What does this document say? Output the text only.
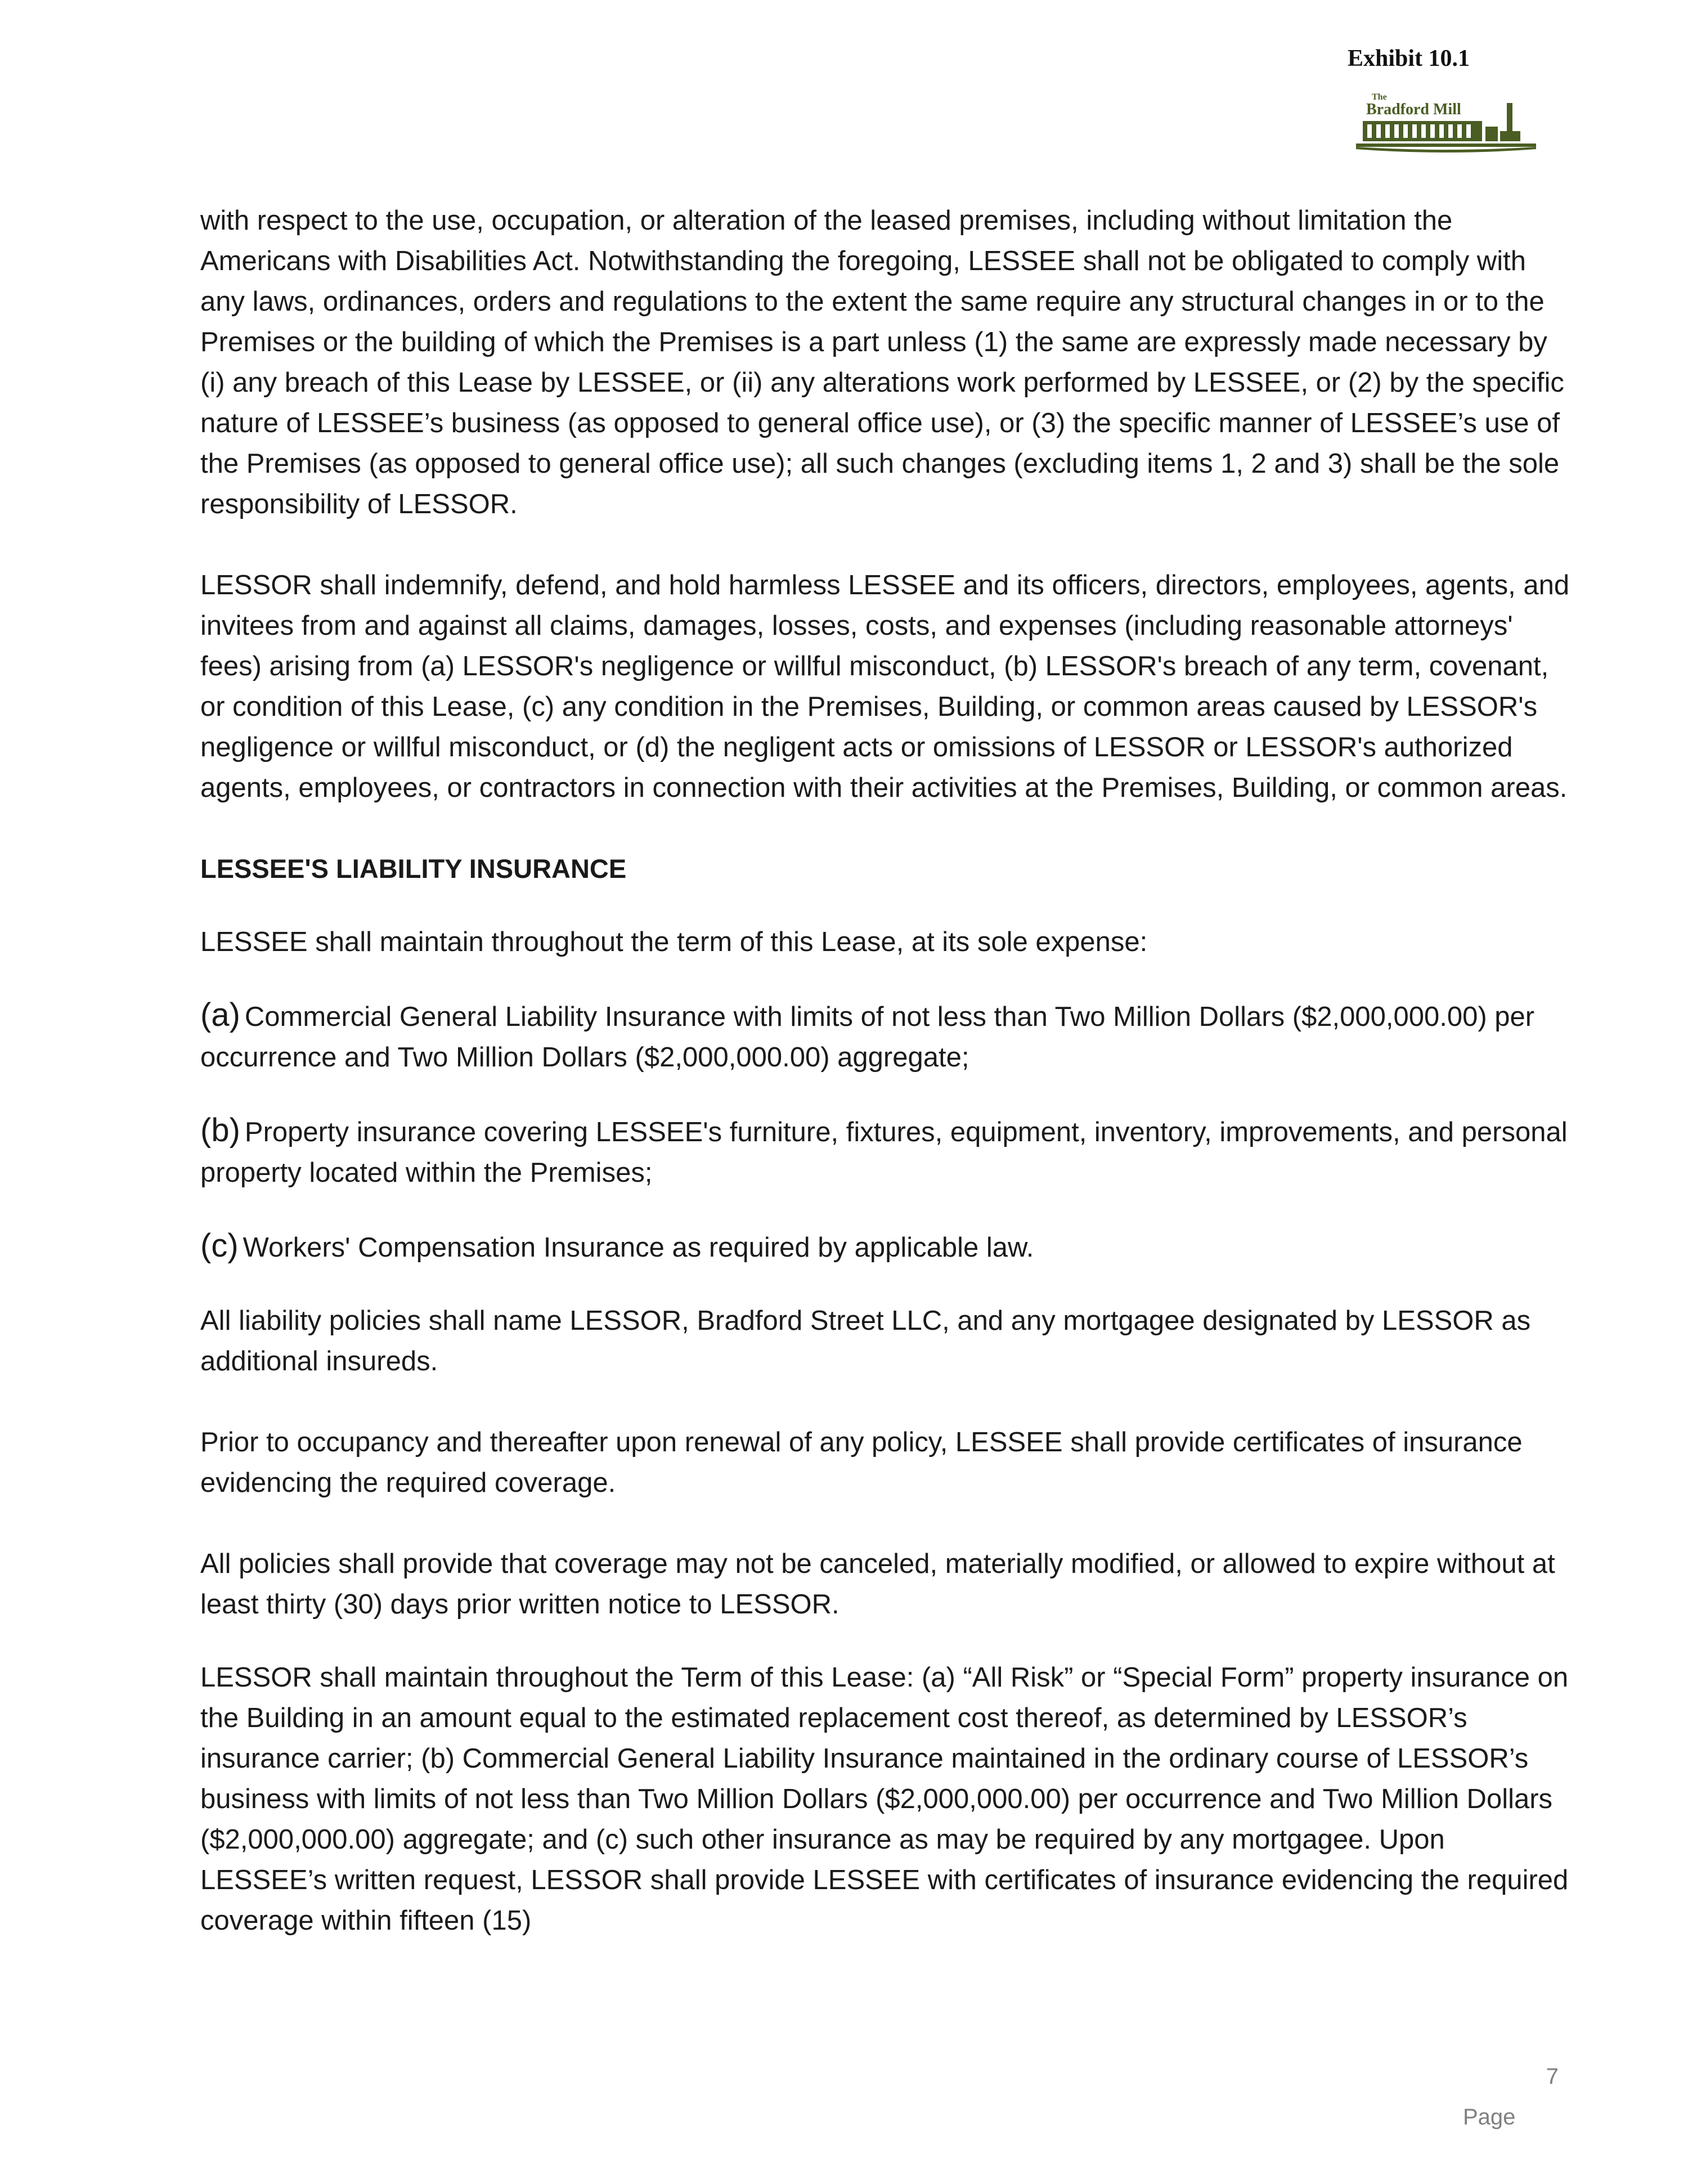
Exhibit 10.1
The
Bradford Mill

with respect to the use, occupation, or alteration of the leased premises, including without limitation the Americans with Disabilities Act. Notwithstanding the foregoing, LESSEE shall not be obligated to comply with any laws, ordinances, orders and regulations to the extent the same require any structural changes in or to the Premises or the building of which the Premises is a part unless (1) the same are expressly made necessary by (i) any breach of this Lease by LESSEE, or (ii) any alterations work performed by LESSEE, or (2) by the specific nature of LESSEE’s business (as opposed to general office use), or (3) the specific manner of LESSEE’s use of the Premises (as opposed to general office use); all such changes (excluding items 1, 2 and 3) shall be the sole responsibility of LESSOR.

LESSOR shall indemnify, defend, and hold harmless LESSEE and its officers, directors, employees, agents, and invitees from and against all claims, damages, losses, costs, and expenses (including reasonable attorneys' fees) arising from (a) LESSOR's negligence or willful misconduct, (b) LESSOR's breach of any term, covenant, or condition of this Lease, (c) any condition in the Premises, Building, or common areas caused by LESSOR's negligence or willful misconduct, or (d) the negligent acts or omissions of LESSOR or LESSOR's authorized agents, employees, or contractors in connection with their activities at the Premises, Building, or common areas.

LESSEE'S LIABILITY INSURANCE

LESSEE shall maintain throughout the term of this Lease, at its sole expense:

(a) Commercial General Liability Insurance with limits of not less than Two Million Dollars ($2,000,000.00) per occurrence and Two Million Dollars ($2,000,000.00) aggregate;

(b) Property insurance covering LESSEE's furniture, fixtures, equipment, inventory, improvements, and personal property located within the Premises;

(c) Workers' Compensation Insurance as required by applicable law.

All liability policies shall name LESSOR, Bradford Street LLC, and any mortgagee designated by LESSOR as additional insureds.

Prior to occupancy and thereafter upon renewal of any policy, LESSEE shall provide certificates of insurance evidencing the required coverage.

All policies shall provide that coverage may not be canceled, materially modified, or allowed to expire without at least thirty (30) days prior written notice to LESSOR.

LESSOR shall maintain throughout the Term of this Lease: (a) “All Risk” or “Special Form” property insurance on the Building in an amount equal to the estimated replacement cost thereof, as determined by LESSOR’s insurance carrier; (b) Commercial General Liability Insurance maintained in the ordinary course of LESSOR’s business with limits of not less than Two Million Dollars ($2,000,000.00) per occurrence and Two Million Dollars ($2,000,000.00) aggregate; and (c) such other insurance as may be required by any mortgagee. Upon LESSEE’s written request, LESSOR shall provide LESSEE with certificates of insurance evidencing the required coverage within fifteen (15)

7
Page
